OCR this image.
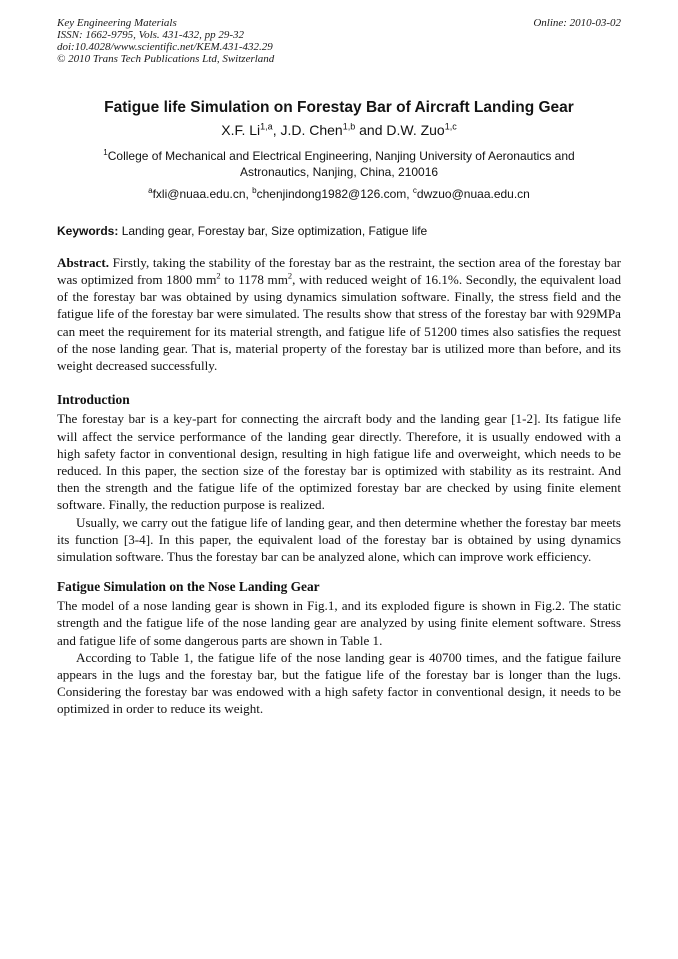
Key Engineering Materials	Online: 2010-03-02
ISSN: 1662-9795, Vols. 431-432, pp 29-32
doi:10.4028/www.scientific.net/KEM.431-432.29
© 2010 Trans Tech Publications Ltd, Switzerland
Fatigue life Simulation on Forestay Bar of Aircraft Landing Gear
X.F. Li$^{1,a}$, J.D. Chen$^{1,b}$ and D.W. Zuo$^{1,c}$
$^1$College of Mechanical and Electrical Engineering, Nanjing University of Aeronautics and
Astronautics, Nanjing, China, 210016
$^a$fxli@nuaa.edu.cn, $^b$chenjindong1982@126.com, $^c$dwzuo@nuaa.edu.cn
Keywords: Landing gear, Forestay bar, Size optimization, Fatigue life

Abstract. Firstly, taking the stability of the forestay bar as the restraint, the section area of the forestay bar was optimized from 1800 $mm^2$ to 1178 $mm^2$, with reduced weight of 16.1%. Secondly, the equivalent load of the forestay bar was obtained by using dynamics simulation software. Finally, the stress field and the fatigue life of the forestay bar were simulated. The results show that stress of the forestay bar with 929MPa can meet the requirement for its material strength, and fatigue life of 51200 times also satisfies the request of the nose landing gear. That is, material property of the forestay bar is utilized more than before, and its weight decreased successfully.

Introduction

The forestay bar is a key-part for connecting the aircraft body and the landing gear [1-2]. Its fatigue life will affect the service performance of the landing gear directly. Therefore, it is usually endowed with a high safety factor in conventional design, resulting in high fatigue life and overweight, which needs to be reduced. In this paper, the section size of the forestay bar is optimized with stability as its restraint. And then the strength and the fatigue life of the optimized forestay bar are checked by using finite element software. Finally, the reduction purpose is realized.

Usually, we carry out the fatigue life of landing gear, and then determine whether the forestay bar meets its function [3-4]. In this paper, the equivalent load of the forestay bar is obtained by using dynamics simulation software. Thus the forestay bar can be analyzed alone, which can improve work efficiency.

Fatigue Simulation on the Nose Landing Gear

The model of a nose landing gear is shown in Fig.1, and its exploded figure is shown in Fig.2. The static strength and the fatigue life of the nose landing gear are analyzed by using finite element software. Stress and fatigue life of some dangerous parts are shown in Table 1.

According to Table 1, the fatigue life of the nose landing gear is 40700 times, and the fatigue failure appears in the lugs and the forestay bar, but the fatigue life of the forestay bar is longer than the lugs. Considering the forestay bar was endowed with a high safety factor in conventional design, it needs to be optimized in order to reduce its weight.
